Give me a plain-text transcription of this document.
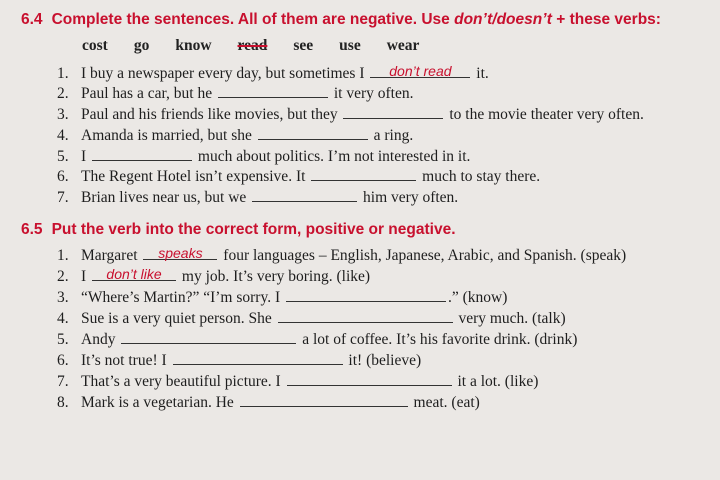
6.4 Complete the sentences. All of them are negative. Use don’t/doesn’t + these verbs:
cost go know read see use wear
1. I buy a newspaper every day, but sometimes I	don’t read	it.
2. Paul has a car, but he	it very often.
3. Paul and his friends like movies, but they	to the movie theater very often.
4. Amanda is married, but she	a ring.
5. I	much about politics. I’m not interested in it.
6. The Regent Hotel isn’t expensive. It	much to stay there.
7. Brian lives near us, but we	him very often.
6.5 Put the verb into the correct form, positive or negative.
1. Margaret	speaks	four languages – English, Japanese, Arabic, and Spanish. (speak)
2. I	don’t like	my job. It’s very boring. (like)
3. “Where’s Martin?” “I’m sorry. I	.” (know)
4. Sue is a very quiet person. She	very much. (talk)
5. Andy	a lot of coffee. It’s his favorite drink. (drink)
6. It’s not true! I	it! (believe)
7. That’s a very beautiful picture. I	it a lot. (like)
8. Mark is a vegetarian. He	meat. (eat)
